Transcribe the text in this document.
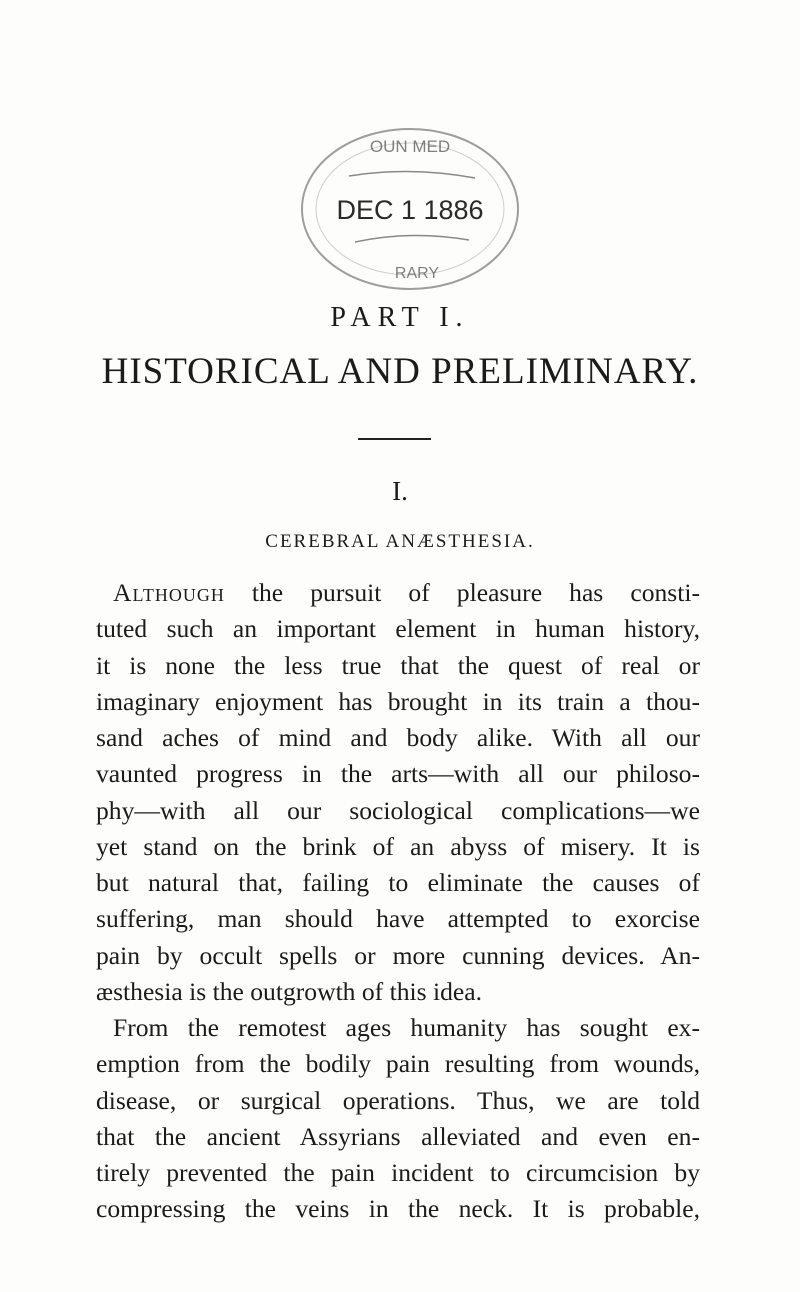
OUN MED
DEC 1 1886
RARY
PART I.
HISTORICAL AND PRELIMINARY.
I.
CEREBRAL ANÆSTHESIA.
Although the pursuit of pleasure has consti-
tuted such an important element in human history,
it is none the less true that the quest of real or
imaginary enjoyment has brought in its train a thou-
sand aches of mind and body alike. With all our
vaunted progress in the arts—with all our philoso-
phy—with all our sociological complications—we
yet stand on the brink of an abyss of misery. It is
but natural that, failing to eliminate the causes of
suffering, man should have attempted to exorcise
pain by occult spells or more cunning devices. An-
æsthesia is the outgrowth of this idea.
From the remotest ages humanity has sought ex-
emption from the bodily pain resulting from wounds,
disease, or surgical operations. Thus, we are told
that the ancient Assyrians alleviated and even en-
tirely prevented the pain incident to circumcision by
compressing the veins in the neck. It is probable,
